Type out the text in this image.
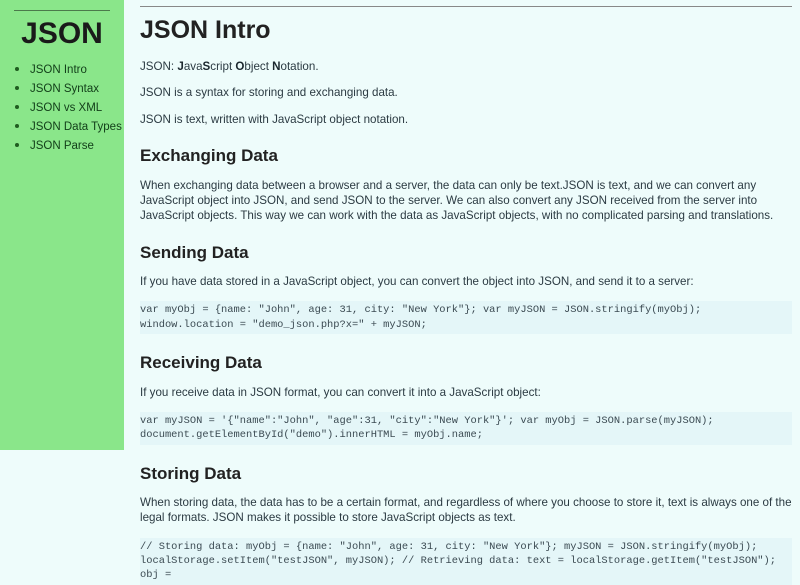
JSON
• JSON Intro
• JSON Syntax
• JSON vs XML
• JSON Data Types
• JSON Parse
JSON Intro

JSON: JavaScript Object Notation.

JSON is a syntax for storing and exchanging data.

JSON is text, written with JavaScript object notation.

Exchanging Data

When exchanging data between a browser and a server, the data can only be text.JSON is text, and we can convert any JavaScript object into JSON, and send JSON to the server. We can also convert any JSON received from the server into JavaScript objects. This way we can work with the data as JavaScript objects, with no complicated parsing and translations.

Sending Data

If you have data stored in a JavaScript object, you can convert the object into JSON, and send it to a server:

var myObj = {name: "John", age: 31, city: "New York"}; var myJSON = JSON.stringify(myObj); window.location = "demo_json.php?x=" + myJSON;
Receiving Data

If you receive data in JSON format, you can convert it into a JavaScript object:

var myJSON = '{"name":"John", "age":31, "city":"New York"}'; var myObj = JSON.parse(myJSON); document.getElementById("demo").innerHTML = myObj.name;
Storing Data

When storing data, the data has to be a certain format, and regardless of where you choose to store it, text is always one of the legal formats. JSON makes it possible to store JavaScript objects as text.

// Storing data: myObj = {name: "John", age: 31, city: "New York"}; myJSON = JSON.stringify(myObj); localStorage.setItem("testJSON", myJSON); // Retrieving data: text = localStorage.getItem("testJSON"); obj =
